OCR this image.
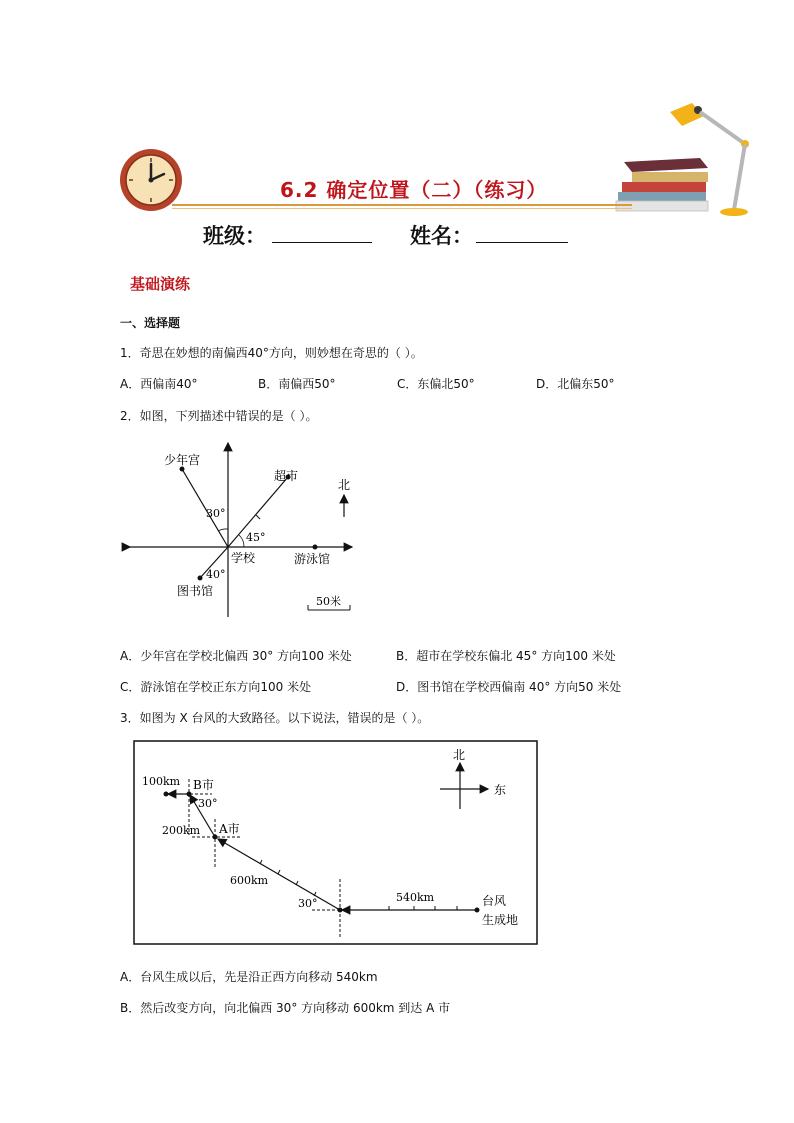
6.2 确定位置（二）（练习）
班级：	姓名：
基础演练
一、选择题
1．奇思在妙想的南偏西40°方向，则妙想在奇思的（ ）。
A．西偏南40°	B．南偏西50°	C．东偏北50°	D．北偏东50°
2．如图，下列描述中错误的是（ ）。
少年宫
超市
北
30°
45°
学校	游泳馆
40°
图书馆
50米
A．少年宫在学校北偏西 30° 方向100 米处	B．超市在学校东偏北 45° 方向100 米处
C．游泳馆在学校正东方向100 米处	D．图书馆在学校西偏南 40° 方向50 米处
3．如图为 X 台风的大致路径。以下说法，错误的是（ ）。
北
东
100km B市
30°
200km A市
600km
30°	540km	台风
生成地
A．台风生成以后，先是沿正西方向移动 540km
B．然后改变方向，向北偏西 30° 方向移动 600km 到达 A 市
